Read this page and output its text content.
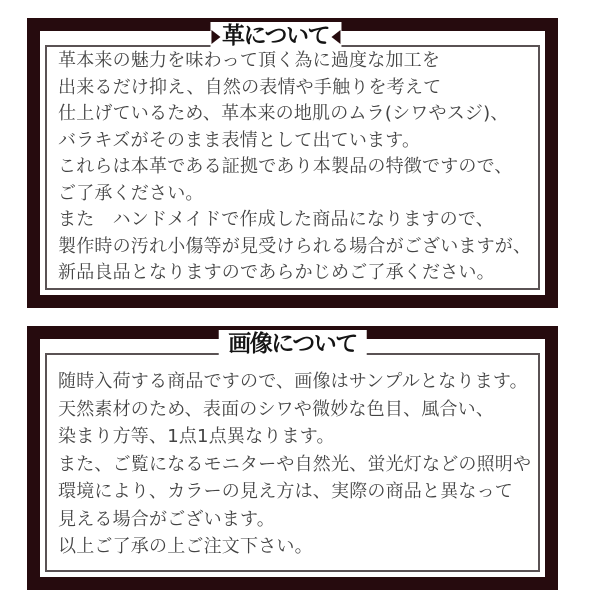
革について
革本来の魅力を味わって頂く為に過度な加工を
出来るだけ抑え、自然の表情や手触りを考えて
仕上げているため、革本来の地肌のムラ(シワやスジ)、
バラキズがそのまま表情として出ています。
これらは本革である証拠であり本製品の特徴ですので、
ご了承ください。
また　ハンドメイドで作成した商品になりますので、
製作時の汚れ小傷等が見受けられる場合がございますが、
新品良品となりますのであらかじめご了承ください。
画像について
随時入荷する商品ですので、画像はサンプルとなります。
天然素材のため、表面のシワや微妙な色目、風合い、
染まり方等、1点1点異なります。
また、ご覧になるモニターや自然光、蛍光灯などの照明や
環境により、カラーの見え方は、実際の商品と異なって
見える場合がございます。
以上ご了承の上ご注文下さい。
